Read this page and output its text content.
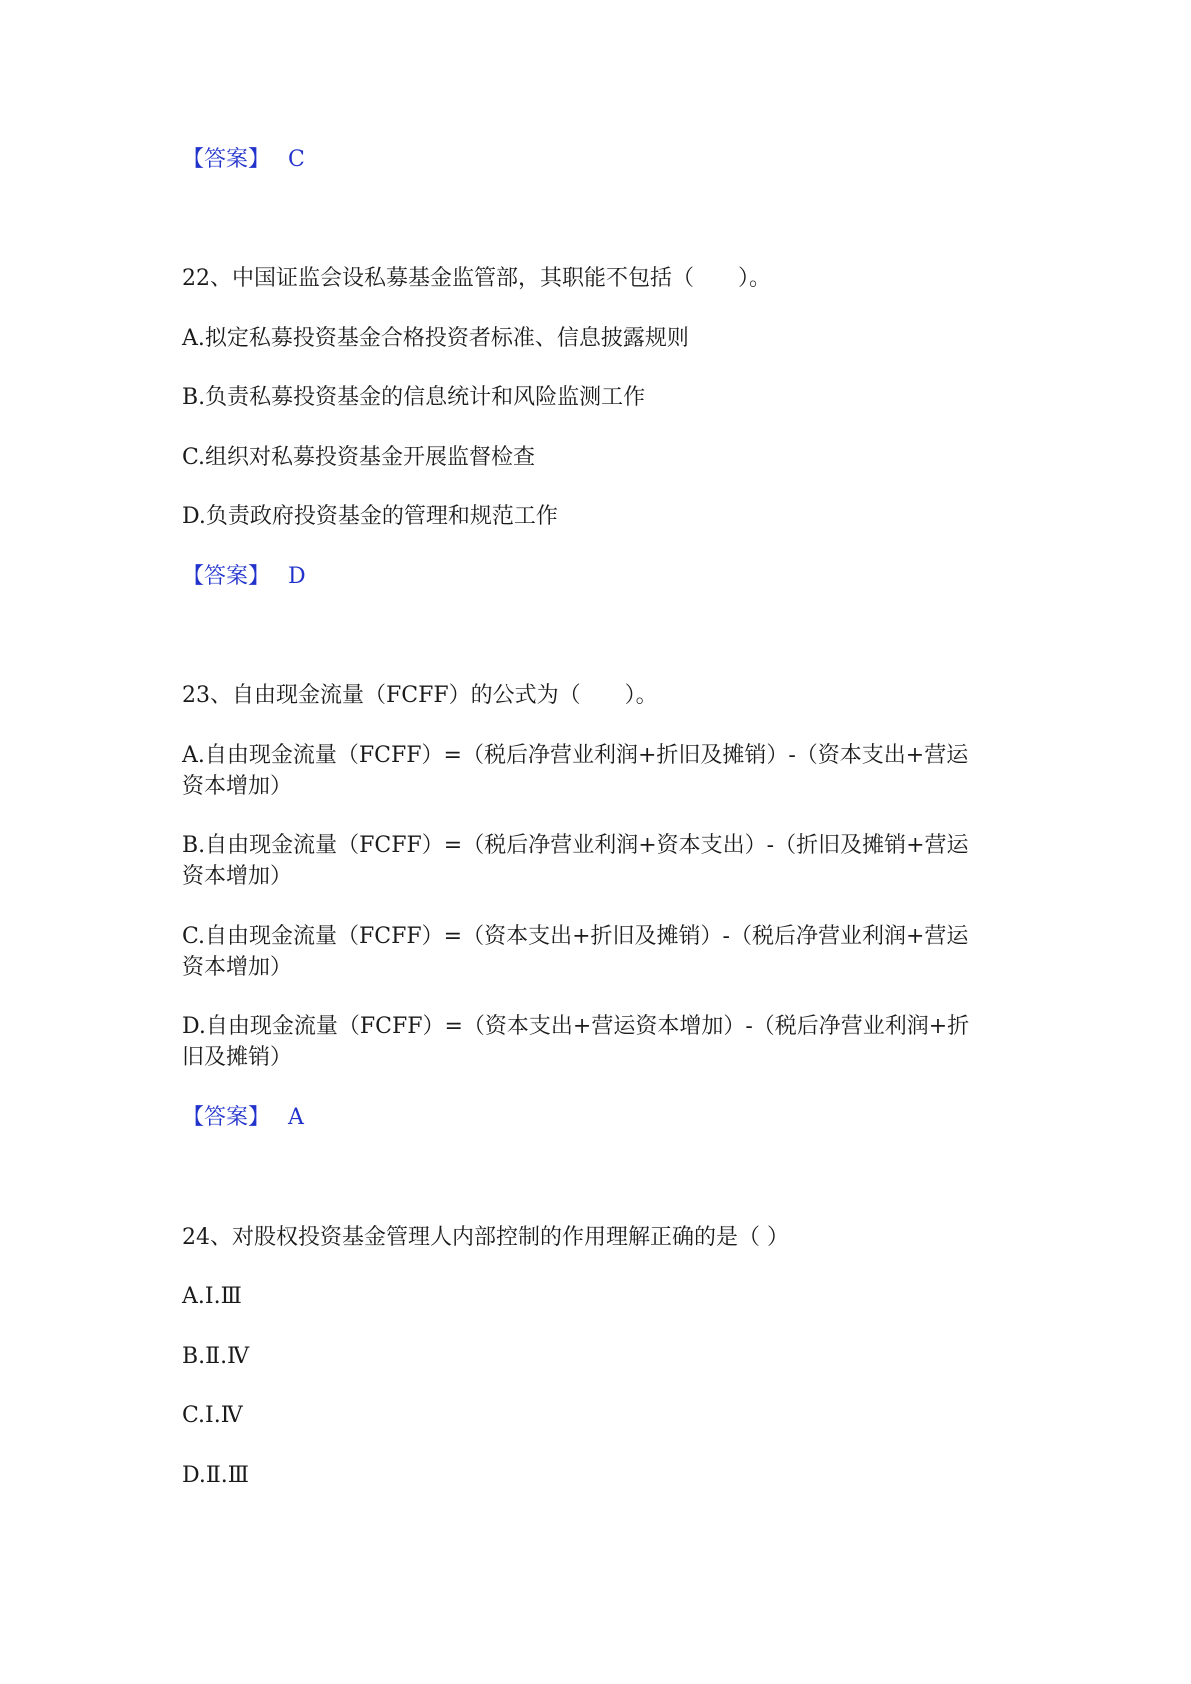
【答案】 C
22、中国证监会设私募基金监管部，其职能不包括（　　）。
A.拟定私募投资基金合格投资者标准、信息披露规则
B.负责私募投资基金的信息统计和风险监测工作
C.组织对私募投资基金开展监督检查
D.负责政府投资基金的管理和规范工作
【答案】 D
23、自由现金流量（FCFF）的公式为（　　）。
A.自由现金流量（FCFF）=（税后净营业利润+折旧及摊销）-（资本支出+营运
资本增加）
B.自由现金流量（FCFF）=（税后净营业利润+资本支出）-（折旧及摊销+营运
资本增加）
C.自由现金流量（FCFF）=（资本支出+折旧及摊销）-（税后净营业利润+营运
资本增加）
D.自由现金流量（FCFF）=（资本支出+营运资本增加）-（税后净营业利润+折
旧及摊销）
【答案】 A
24、对股权投资基金管理人内部控制的作用理解正确的是（ ）
A.Ⅰ.Ⅲ
B.Ⅱ.Ⅳ
C.Ⅰ.Ⅳ
D.Ⅱ.Ⅲ
